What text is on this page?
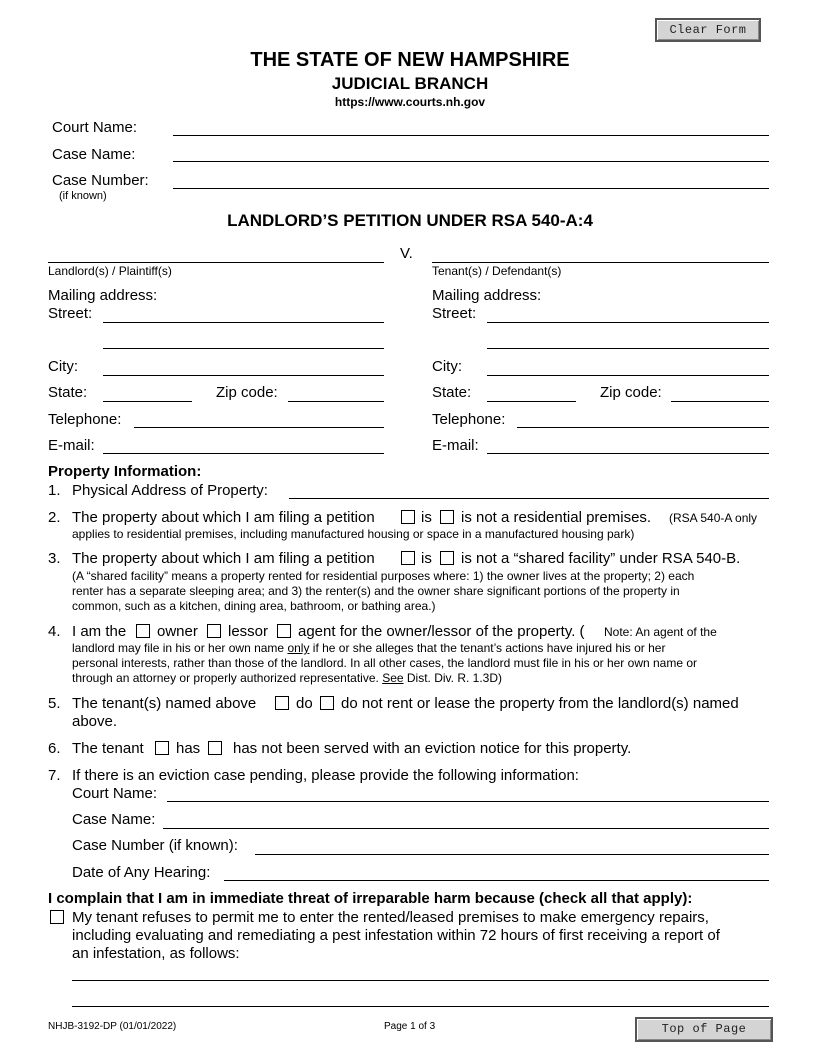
Clear Form
THE STATE OF NEW HAMPSHIRE
JUDICIAL BRANCH
https://www.courts.nh.gov
Court Name:
Case Name:
Case Number:
(if known)
LANDLORD’S PETITION UNDER RSA 540-A:4
V.
Landlord(s) / Plaintiff(s)	Tenant(s) / Defendant(s)
Mailing address:
Street:
City:
State:	Zip code:
Telephone:
E-mail:
Mailing address:
Street:
City:
State:	Zip code:
Telephone:
E-mail:
Property Information:
1. Physical Address of Property:
2. The property about which I am filing a petition	is is not a residential premises. (RSA 540-A only
applies to residential premises, including manufactured housing or space in a manufactured housing park)
3. The property about which I am filing a petition	is is not a “shared facility” under RSA 540-B.
(A “shared facility” means a property rented for residential purposes where: 1) the owner lives at the property; 2) each
renter has a separate sleeping area; and 3) the renter(s) and the owner share significant portions of the property in
common, such as a kitchen, dining area, bathroom, or bathing area.)
4. I am the owner lessor agent for the owner/lessor of the property. ( Note: An agent of the
landlord may file in his or her own name only if he or she alleges that the tenant’s actions have injured his or her
personal interests, rather than those of the landlord. In all other cases, the landlord must file in his or her own name or
through an attorney or properly authorized representative. See Dist. Div. R. 1.3D)
5. The tenant(s) named above	do do not rent or lease the property from the landlord(s) named
above.
6. The tenant has has not been served with an eviction notice for this property.
7. If there is an eviction case pending, please provide the following information:
Court Name:
Case Name:
Case Number (if known):
Date of Any Hearing:
I complain that I am in immediate threat of irreparable harm because (check all that apply):
My tenant refuses to permit me to enter the rented/leased premises to make emergency repairs,
including evaluating and remediating a pest infestation within 72 hours of first receiving a report of
an infestation, as follows:
NHJB-3192-DP (01/01/2022)	Page 1 of 3	Top of Page
